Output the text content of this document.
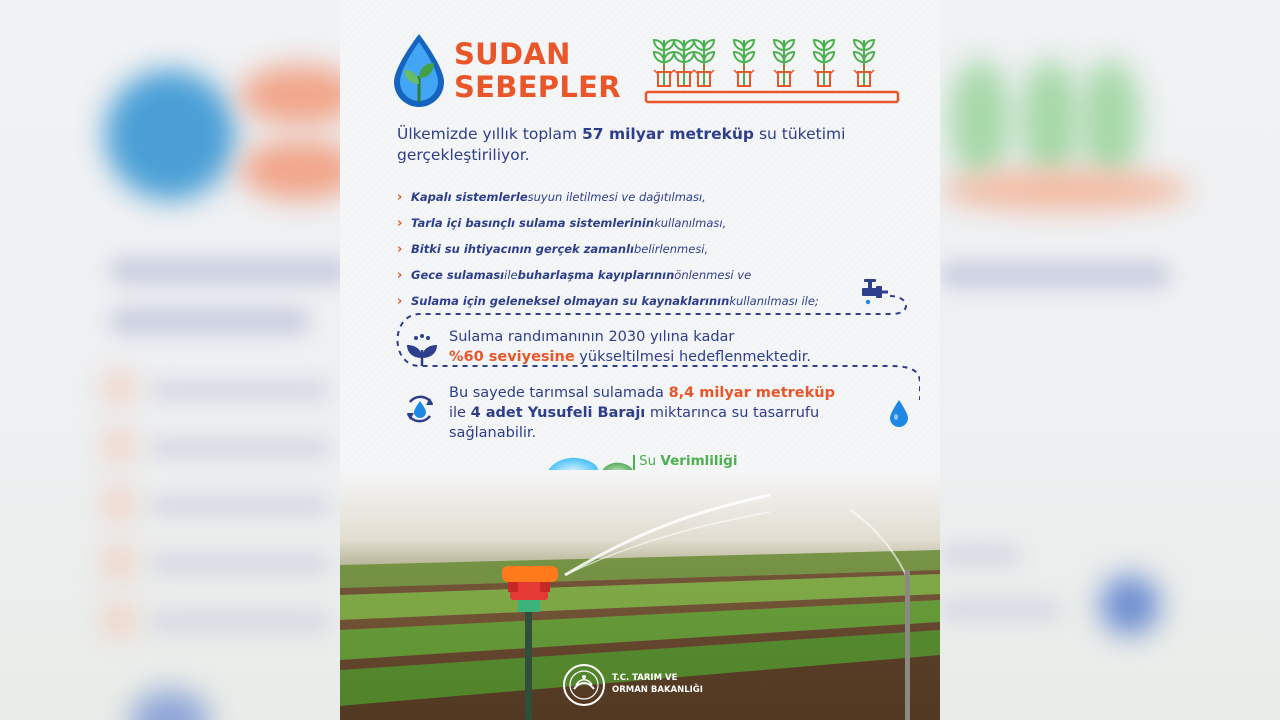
SUDAN
SEBEPLER

Ülkemizde yıllık toplam 57 milyar metreküp su tüketimi gerçekleştiriliyor.

› Kapalı sistemlerle suyun iletilmesi ve dağıtılması,
› Tarla içi basınçlı sulama sistemlerinin kullanılması,
› Bitki su ihtiyacının gerçek zamanlı belirlenmesi,
› Gece sulaması ile buharlaşma kayıplarının önlenmesi ve
› Sulama için geleneksel olmayan su kaynaklarının kullanılması ile;

Sulama randımanının 2030 yılına kadar
%60 seviyesine yükseltilmesi hedeflenmektedir.

Bu sayede tarımsal sulamada 8,4 milyar metreküp
ile 4 adet Yusufeli Barajı miktarınca su tasarrufu sağlanabilir.

Su Verimliliği
T.C. TARIM VE
ORMAN BAKANLIĞI
